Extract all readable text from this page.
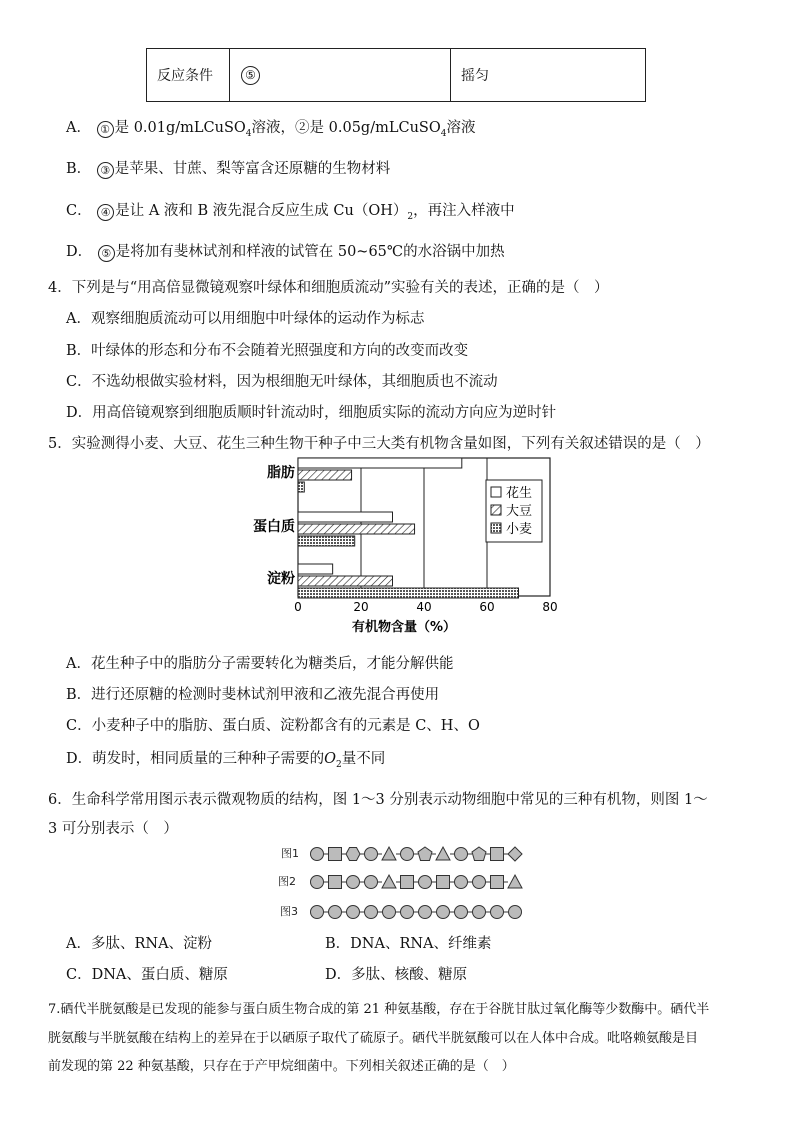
反应条件	⑤	摇匀
A． ① 是 0.01g/mLCuSO$_4$溶液，②是 0.05g/mLCuSO$_4$溶液
B． ③ 是苹果、甘蔗、梨等富含还原糖的生物材料
C． ④ 是让 A 液和 B 液先混合反应生成 $Cu(OH)_2$，再注入样液中
D． ⑤ 是将加有斐林试剂和样液的试管在 50~65℃的水浴锅中加热
4．下列是与“用高倍显微镜观察叶绿体和细胞质流动”实验有关的表述，正确的是（　）
A．观察细胞质流动可以用细胞中叶绿体的运动作为标志
B．叶绿体的形态和分布不会随着光照强度和方向的改变而改变
C．不选幼根做实验材料，因为根细胞无叶绿体，其细胞质也不流动
D．用高倍镜观察到细胞质顺时针流动时，细胞质实际的流动方向应为逆时针
5．实验测得小麦、大豆、花生三种生物干种子中三大类有机物含量如图，下列有关叙述错误的是（　）
0	20	40	60	80
有机物含量（%）
脂肪
蛋白质
淀粉
花生
大豆
小麦
A．花生种子中的脂肪分子需要转化为糖类后，才能分解供能
B．进行还原糖的检测时斐林试剂甲液和乙液先混合再使用
C．小麦种子中的脂肪、蛋白质、淀粉都含有的元素是 C、H、O
D．萌发时，相同质量的三种种子需要的$O_2$量不同
6．生命科学常用图示表示微观物质的结构，图 1～3 分别表示动物细胞中常见的三种有机物，则图 1～
3 可分别表示（　）
图1
图2
图3
A．多肽、RNA、淀粉	B．DNA、RNA、纤维素
C．DNA、蛋白质、糖原	D．多肽、核酸、糖原
7.硒代半胱氨酸是已发现的能参与蛋白质生物合成的第 21 种氨基酸，存在于谷胱甘肽过氧化酶等少数酶中。硒代半
胱氨酸与半胱氨酸在结构上的差异在于以硒原子取代了硫原子。硒代半胱氨酸可以在人体中合成。吡咯赖氨酸是目
前发现的第 22 种氨基酸，只存在于产甲烷细菌中。下列相关叙述正确的是（　）
